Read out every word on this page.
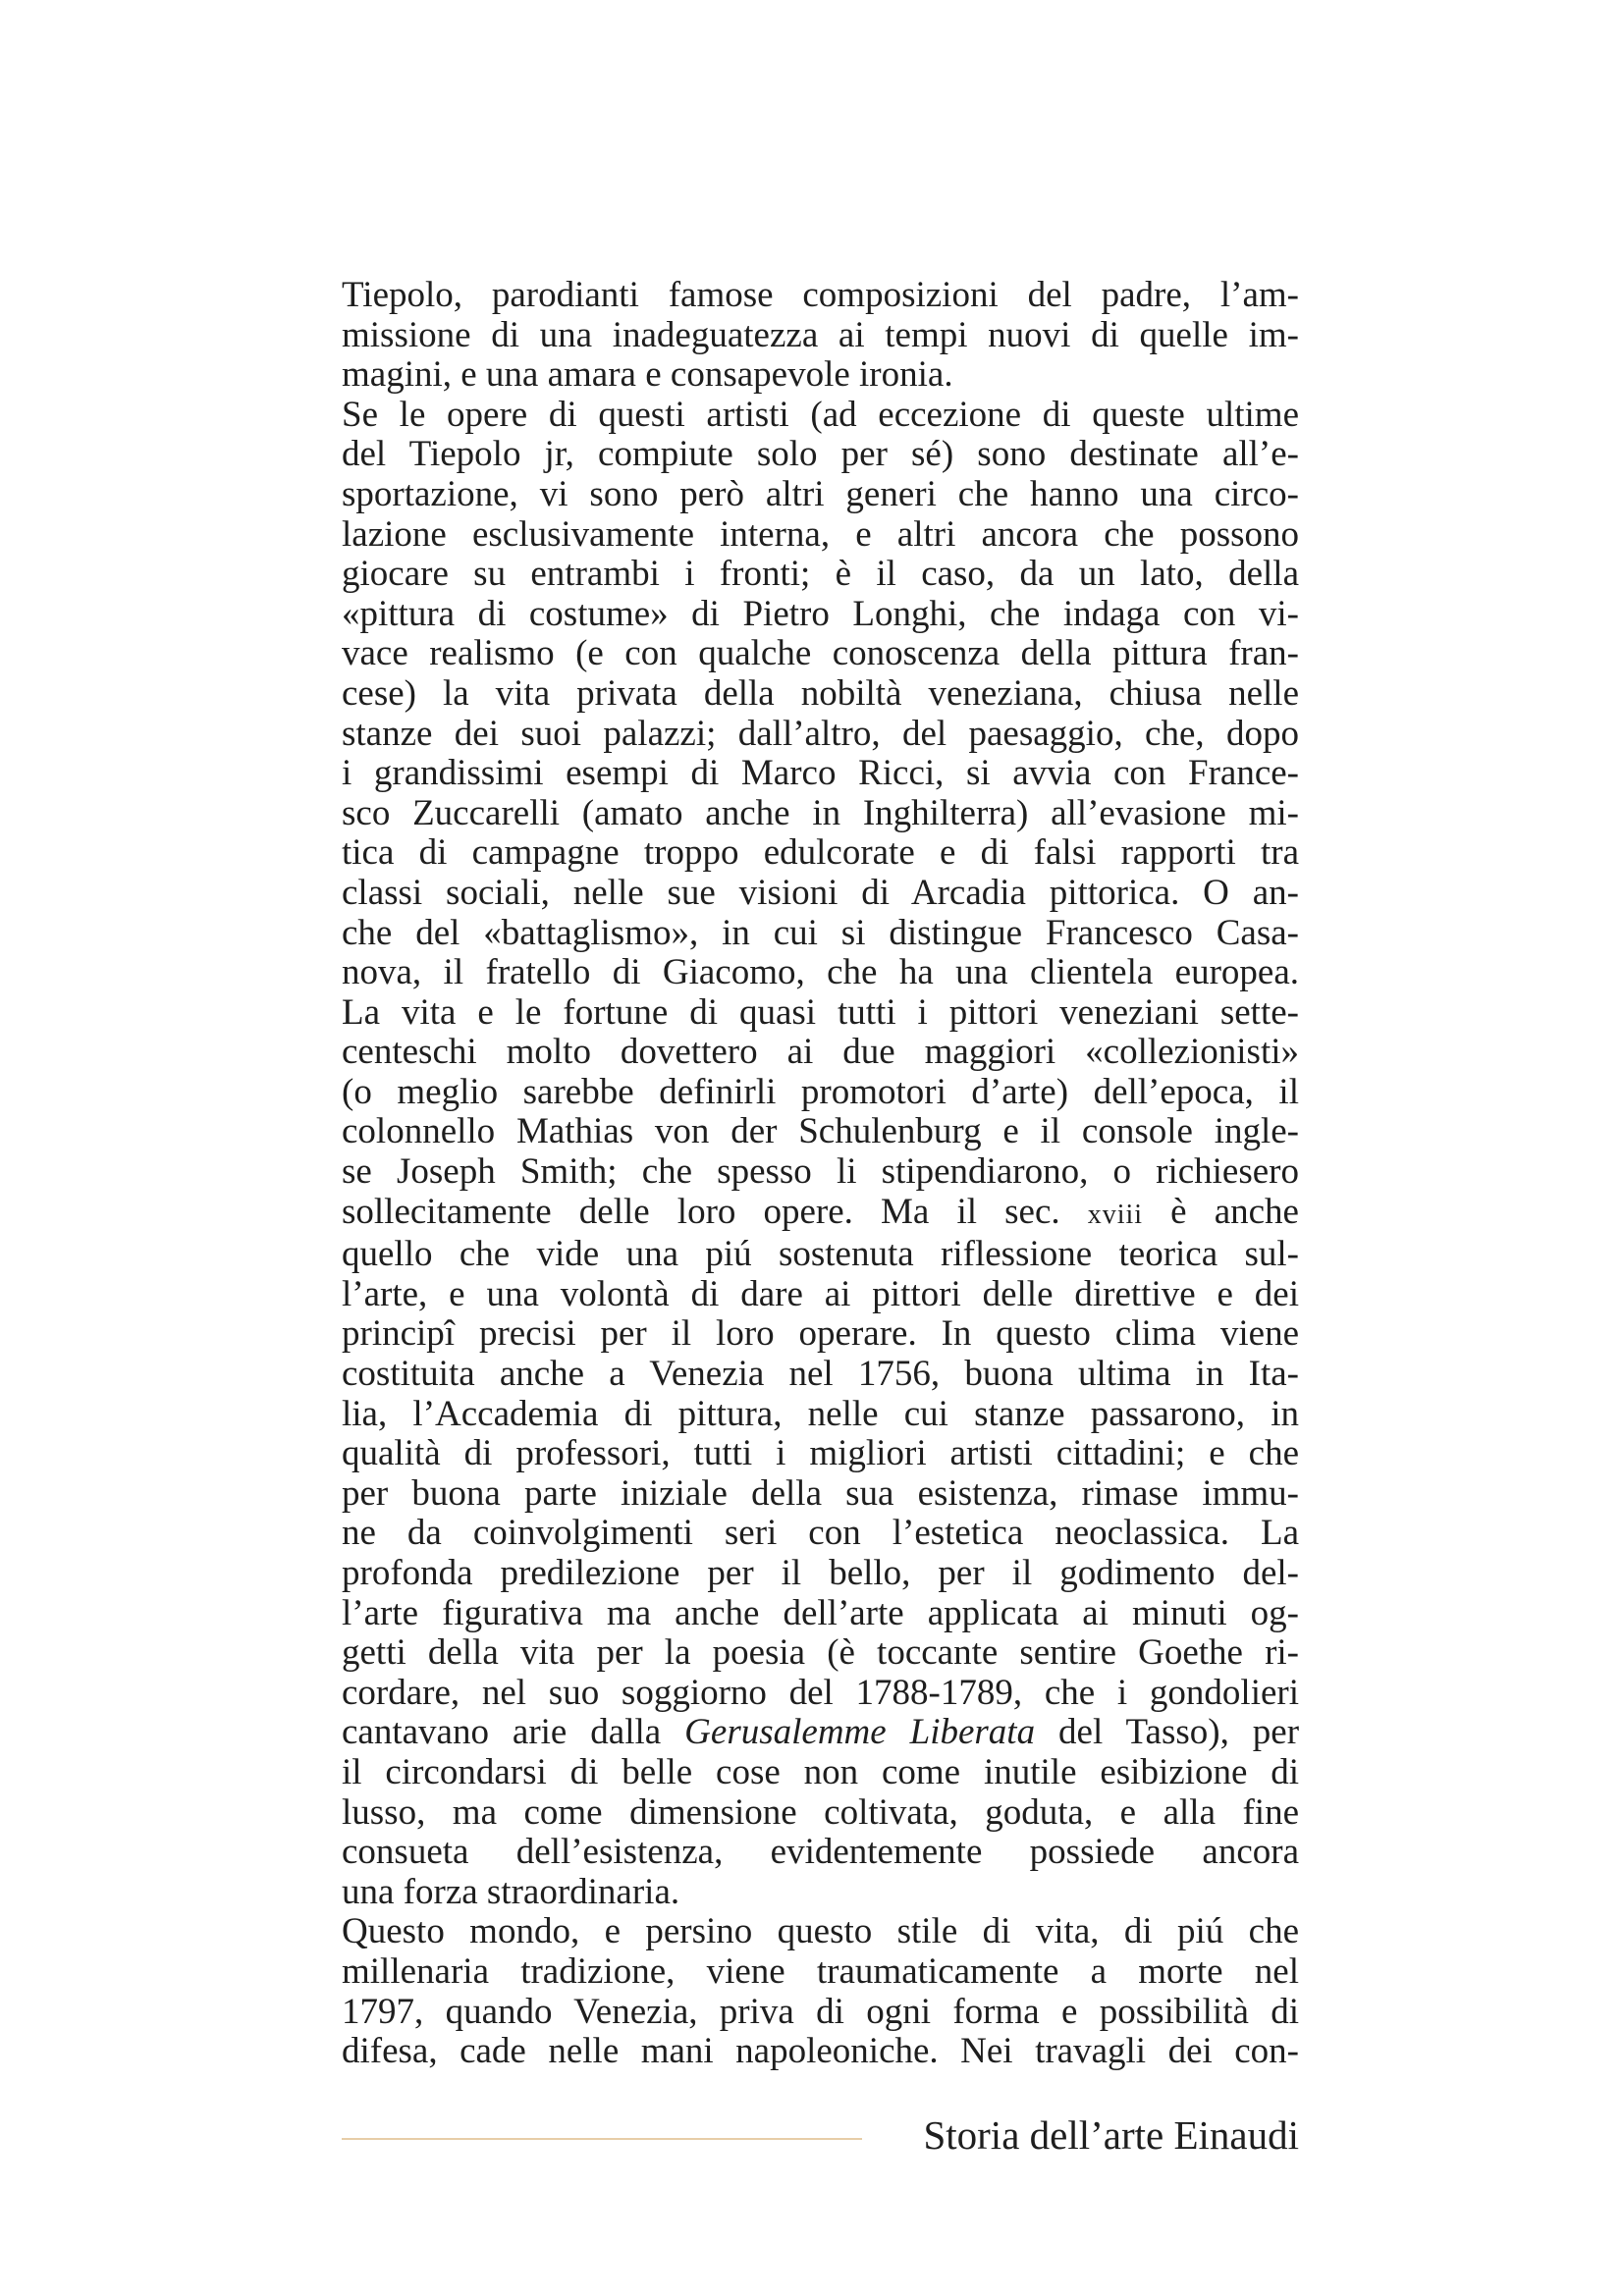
Tiepolo, parodianti famose composizioni del padre, l’am-
missione di una inadeguatezza ai tempi nuovi di quelle im-
magini, e una amara e consapevole ironia.
Se le opere di questi artisti (ad eccezione di queste ultime
del Tiepolo jr, compiute solo per sé) sono destinate all’e-
sportazione, vi sono però altri generi che hanno una circo-
lazione esclusivamente interna, e altri ancora che possono
giocare su entrambi i fronti; è il caso, da un lato, della
«pittura di costume» di Pietro Longhi, che indaga con vi-
vace realismo (e con qualche conoscenza della pittura fran-
cese) la vita privata della nobiltà veneziana, chiusa nelle
stanze dei suoi palazzi; dall’altro, del paesaggio, che, dopo
i grandissimi esempi di Marco Ricci, si avvia con France-
sco Zuccarelli (amato anche in Inghilterra) all’evasione mi-
tica di campagne troppo edulcorate e di falsi rapporti tra
classi sociali, nelle sue visioni di Arcadia pittorica. O an-
che del «battaglismo», in cui si distingue Francesco Casa-
nova, il fratello di Giacomo, che ha una clientela europea.
La vita e le fortune di quasi tutti i pittori veneziani sette-
centeschi molto dovettero ai due maggiori «collezionisti»
(o meglio sarebbe definirli promotori d’arte) dell’epoca, il
colonnello Mathias von der Schulenburg e il console ingle-
se Joseph Smith; che spesso li stipendiarono, o richiesero
sollecitamente delle loro opere. Ma il sec. xviii è anche
quello che vide una piú sostenuta riflessione teorica sul-
l’arte, e una volontà di dare ai pittori delle direttive e dei
principî precisi per il loro operare. In questo clima viene
costituita anche a Venezia nel 1756, buona ultima in Ita-
lia, l’Accademia di pittura, nelle cui stanze passarono, in
qualità di professori, tutti i migliori artisti cittadini; e che
per buona parte iniziale della sua esistenza, rimase immu-
ne da coinvolgimenti seri con l’estetica neoclassica. La
profonda predilezione per il bello, per il godimento del-
l’arte figurativa ma anche dell’arte applicata ai minuti og-
getti della vita per la poesia (è toccante sentire Goethe ri-
cordare, nel suo soggiorno del 1788-1789, che i gondolieri
cantavano arie dalla Gerusalemme Liberata del Tasso), per
il circondarsi di belle cose non come inutile esibizione di
lusso, ma come dimensione coltivata, goduta, e alla fine
consueta dell’esistenza, evidentemente possiede ancora
una forza straordinaria.
Questo mondo, e persino questo stile di vita, di piú che
millenaria tradizione, viene traumaticamente a morte nel
1797, quando Venezia, priva di ogni forma e possibilità di
difesa, cade nelle mani napoleoniche. Nei travagli dei con-
Storia dell’arte Einaudi
